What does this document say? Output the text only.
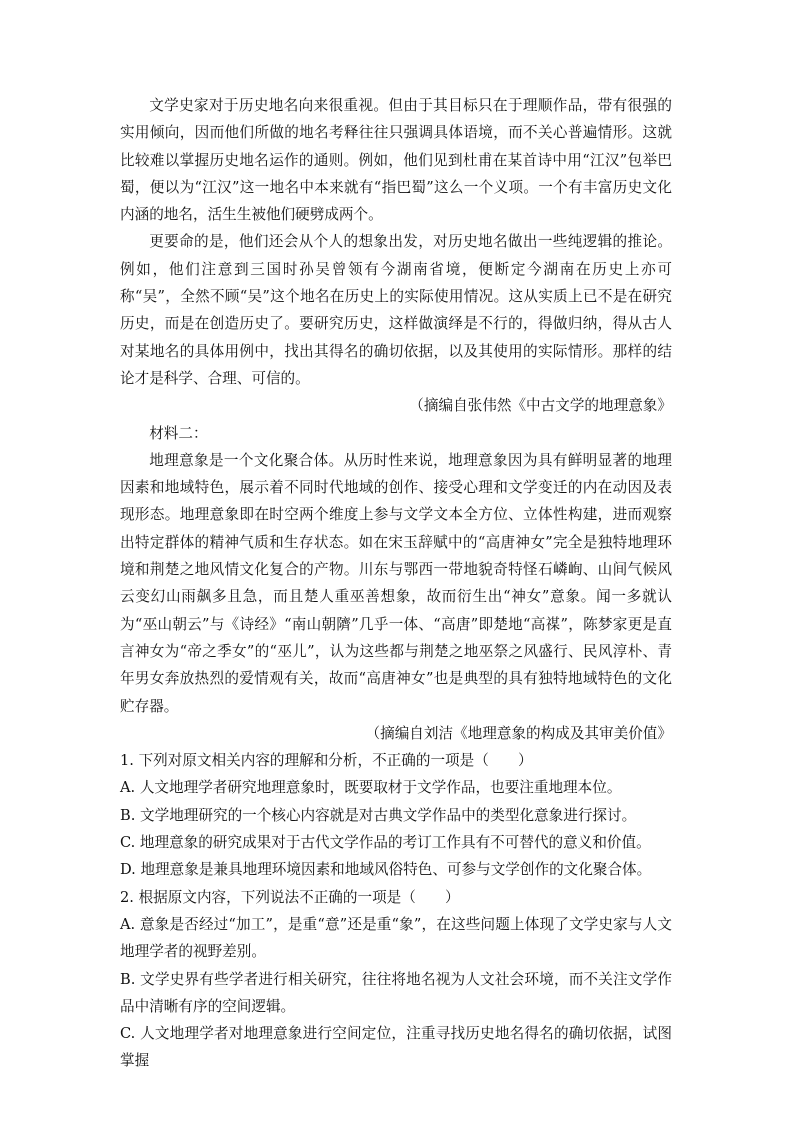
文学史家对于历史地名向来很重视。但由于其目标只在于理顺作品，带有很强的实用倾向，因而他们所做的地名考释往往只强调具体语境，而不关心普遍情形。这就比较难以掌握历史地名运作的通则。例如，他们见到杜甫在某首诗中用“江汉”包举巴蜀，便以为“江汉”这一地名中本来就有“指巴蜀”这么一个义项。一个有丰富历史文化内涵的地名，活生生被他们硬劈成两个。

更要命的是，他们还会从个人的想象出发，对历史地名做出一些纯逻辑的推论。例如，他们注意到三国时孙吴曾领有今湖南省境，便断定今湖南在历史上亦可称“吴”，全然不顾“吴”这个地名在历史上的实际使用情况。这从实质上已不是在研究历史，而是在创造历史了。要研究历史，这样做演绎是不行的，得做归纳，得从古人对某地名的具体用例中，找出其得名的确切依据，以及其使用的实际情形。那样的结论才是科学、合理、可信的。

（摘编自张伟然《中古文学的地理意象》

材料二：

地理意象是一个文化聚合体。从历时性来说，地理意象因为具有鲜明显著的地理因素和地域特色，展示着不同时代地域的创作、接受心理和文学变迁的内在动因及表现形态。地理意象即在时空两个维度上参与文学文本全方位、立体性构建，进而观察出特定群体的精神气质和生存状态。如在宋玉辞赋中的“高唐神女”完全是独特地理环境和荆楚之地风情文化复合的产物。川东与鄂西一带地貌奇特怪石嶙峋、山间气候风云变幻山雨飙多且急，而且楚人重巫善想象，故而衍生出“神女”意象。闻一多就认为“巫山朝云”与《诗经》“南山朝隮”几乎一体、“高唐”即楚地“高禖”，陈梦家更是直言神女为“帝之季女”的“巫儿”，认为这些都与荆楚之地巫祭之风盛行、民风淳朴、青年男女奔放热烈的爱情观有关，故而“高唐神女”也是典型的具有独特地域特色的文化贮存器。

（摘编自刘洁《地理意象的构成及其审美价值》

1. 下列对原文相关内容的理解和分析，不正确的一项是（　　）

A. 人文地理学者研究地理意象时，既要取材于文学作品，也要注重地理本位。

B. 文学地理研究的一个核心内容就是对古典文学作品中的类型化意象进行探讨。

C. 地理意象的研究成果对于古代文学作品的考订工作具有不可替代的意义和价值。

D. 地理意象是兼具地理环境因素和地域风俗特色、可参与文学创作的文化聚合体。

2. 根据原文内容，下列说法不正确的一项是（　　）

A. 意象是否经过“加工”，是重“意”还是重“象”，在这些问题上体现了文学史家与人文地理学者的视野差别。

B. 文学史界有些学者进行相关研究，往往将地名视为人文社会环境，而不关注文学作品中清晰有序的空间逻辑。

C. 人文地理学者对地理意象进行空间定位，注重寻找历史地名得名的确切依据，试图掌握
